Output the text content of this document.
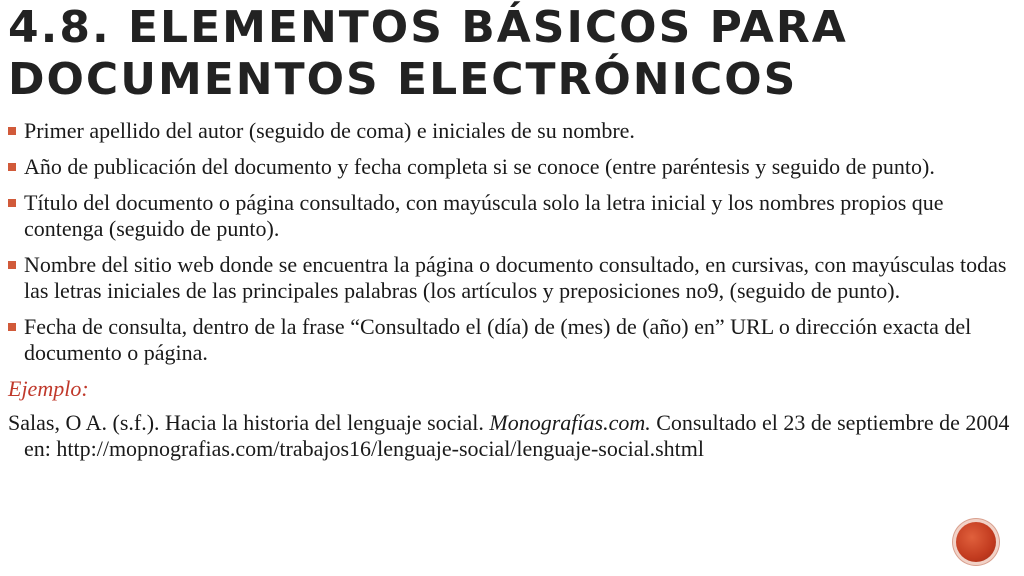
4.8. ELEMENTOS BÁSICOS PARA DOCUMENTOS ELECTRÓNICOS
Primer apellido del autor (seguido de coma) e iniciales de su nombre.
Año de publicación del documento y fecha completa si se conoce (entre paréntesis y seguido de punto).
Título del documento o página consultado, con mayúscula solo la letra inicial y los nombres propios que contenga (seguido de punto).
Nombre del sitio web donde se encuentra la página o documento consultado, en cursivas, con mayúsculas todas las letras iniciales de las principales palabras (los artículos y preposiciones no9, (seguido de punto).
Fecha de consulta, dentro de la frase “Consultado el (día) de (mes) de (año) en” URL o dirección exacta del documento o página.
Ejemplo:
Salas, O A. (s.f.). Hacia la historia del lenguaje social. Monografías.com. Consultado el 23 de septiembre de 2004 en: http://mopnografias.com/trabajos16/lenguaje-social/lenguaje-social.shtml
